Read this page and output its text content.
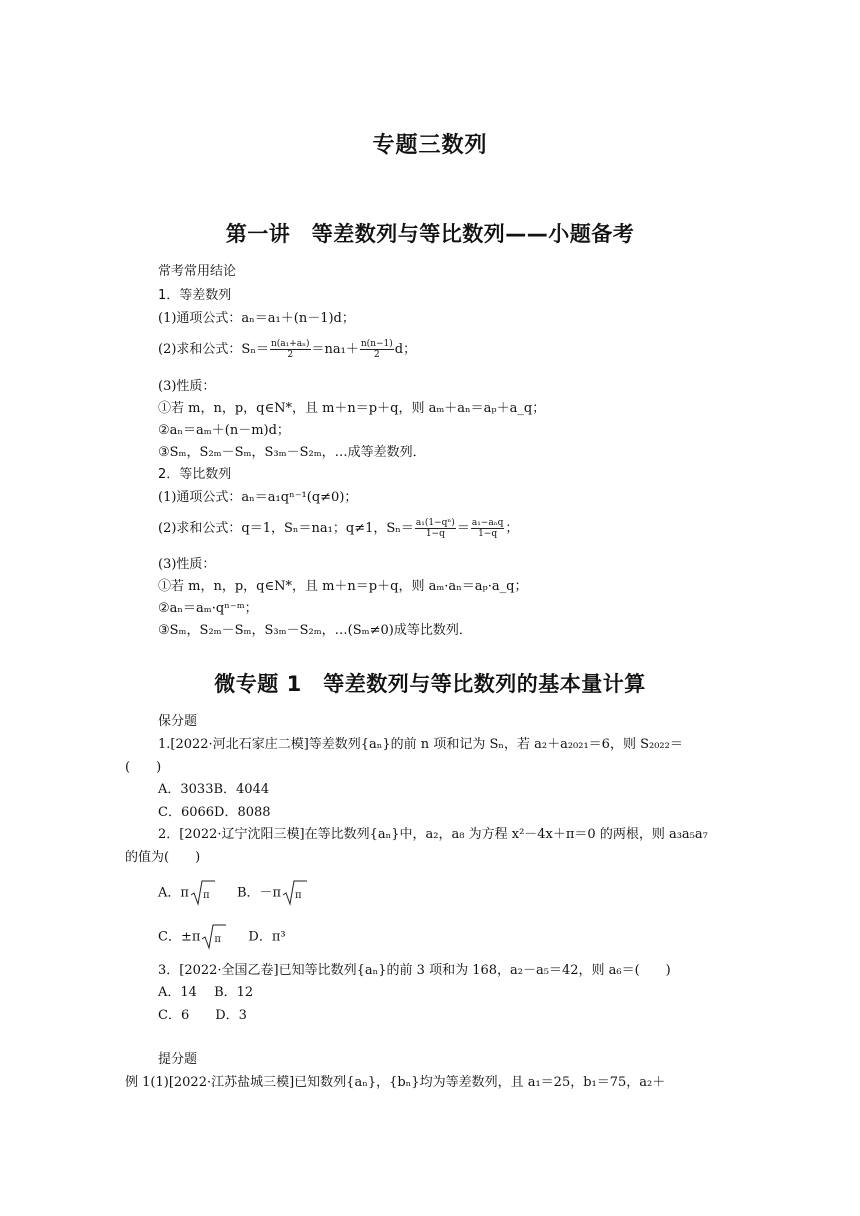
专题三数列
第一讲　等差数列与等比数列——小题备考
常考常用结论
1．等差数列
(1)通项公式：aₙ＝a₁＋(n－1)d；
(2)求和公式：$S_n= \frac{\text{n(a₁+aₙ)}}{2} =na_1+ \frac{n(n-1)}{2}$ d；
(3)性质：
①若 m，n，p，q∈N*，且 m＋n＝p＋q，则 aₘ＋aₙ＝aₚ＋a_q；
②aₙ＝aₘ＋(n－m)d；
③Sₘ，S₂ₘ－Sₘ，S₃ₘ－S₂ₘ，…成等差数列．
2．等比数列
(1)通项公式：aₙ＝a₁qⁿ⁻¹(q≠0)；
(2)求和公式：q＝1，Sₙ＝na₁；q≠1，$S_n= \frac{\text{a₁(1−qⁿ)}}{1-q} = \frac{\text{a₁−aₙq}}{1-q}$ ；
(3)性质：
①若 m，n，p，q∈N*，且 m＋n＝p＋q，则 aₘ·aₙ＝aₚ·a_q；
②aₙ＝aₘ·qⁿ⁻ᵐ；
③Sₘ，S₂ₘ－Sₘ，S₃ₘ－S₂ₘ，…(Sₘ≠0)成等比数列．
微专题 1　等差数列与等比数列的基本量计算
保分题
1.[2022·河北石家庄二模]等差数列{aₙ}的前 n 项和记为 Sₙ，若 a₂＋a₂₀₂₁＝6，则 S₂₀₂₂＝
(　　)
A．3033B．4044
C．6066D．8088
2．[2022·辽宁沈阳三模]在等比数列{aₙ}中，a₂，a₈ 为方程 x²－4x＋π＝0 的两根，则 a₃a₅a₇
的值为(　　)
A．π π B．－π π
C．±π π D．π³
3．[2022·全国乙卷]已知等比数列{aₙ}的前 3 项和为 168，a₂－a₅＝42，则 a₆＝(　　)
A．14　 B．12
C．6　　D．3
提分题
例 1(1)[2022·江苏盐城三模]已知数列{aₙ}，{bₙ}均为等差数列，且 a₁＝25，b₁＝75，a₂＋
